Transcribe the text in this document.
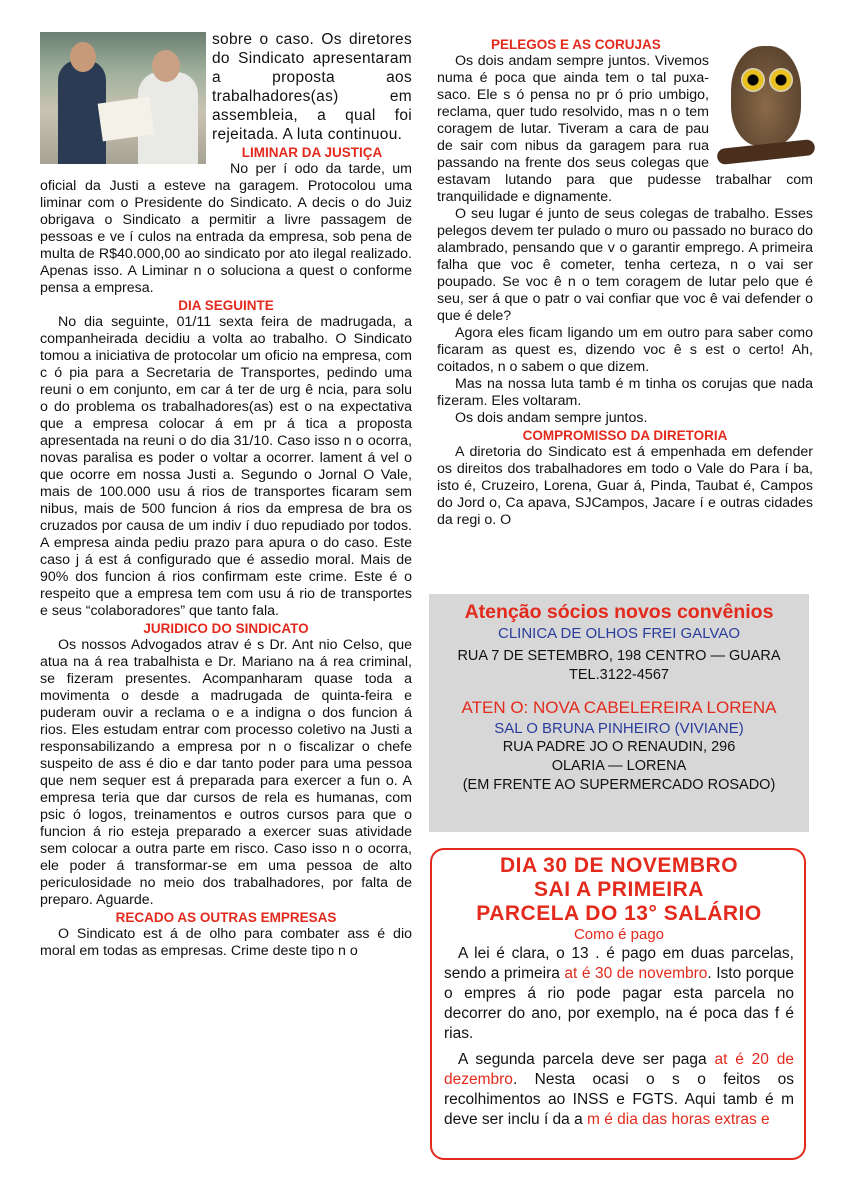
sobre o caso. Os diretores do Sindicato apresentaram a proposta aos trabalhadores(as) em assembleia, a qual foi rejeitada. A luta continuou.

LIMINAR DA JUSTIÇA

No per í odo da tarde, um oficial da Justi a esteve na garagem. Protocolou uma liminar com o Presidente do Sindicato. A decis o do Juiz obrigava o Sindicato a permitir a livre passagem de pessoas e ve í culos na entrada da empresa, sob pena de multa de R$40.000,00 ao sindicato por ato ilegal realizado. Apenas isso. A Liminar n o soluciona a quest o conforme pensa a empresa.

DIA SEGUINTE

No dia seguinte, 01/11 sexta feira de madrugada, a companheirada decidiu a volta ao trabalho. O Sindicato tomou a iniciativa de protocolar um oficio na empresa, com c ó pia para a Secretaria de Transportes, pedindo uma reuni o em conjunto, em car á ter de urg ê ncia, para solu o do problema os trabalhadores(as) est o na expectativa que a empresa colocar á em pr á tica a proposta apresentada na reuni o do dia 31/10. Caso isso n o ocorra, novas paralisa es poder o voltar a ocorrer. lament á vel o que ocorre em nossa Justi a. Segundo o Jornal O Vale, mais de 100.000 usu á rios de transportes ficaram sem nibus, mais de 500 funcion á rios da empresa de bra os cruzados por causa de um indiv í duo repudiado por todos. A empresa ainda pediu prazo para apura o do caso. Este caso j á est á configurado que é assedio moral. Mais de 90% dos funcion á rios confirmam este crime. Este é o respeito que a empresa tem com usu á rio de transportes e seus “colaboradores” que tanto fala.

JURIDICO DO SINDICATO

Os nossos Advogados atrav é s Dr. Ant nio Celso, que atua na á rea trabalhista e Dr. Mariano na á rea criminal, se fizeram presentes. Acompanharam quase toda a movimenta o desde a madrugada de quinta-feira e puderam ouvir a reclama o e a indigna o dos funcion á rios. Eles estudam entrar com processo coletivo na Justi a responsabilizando a empresa por n o fiscalizar o chefe suspeito de ass é dio e dar tanto poder para uma pessoa que nem sequer est á preparada para exercer a fun o. A empresa teria que dar cursos de rela es humanas, com psic ó logos, treinamentos e outros cursos para que o funcion á rio esteja preparado a exercer suas atividade sem colocar a outra parte em risco. Caso isso n o ocorra, ele poder á transformar-se em uma pessoa de alto periculosidade no meio dos trabalhadores, por falta de preparo. Aguarde.

RECADO AS OUTRAS EMPRESAS

O Sindicato est á de olho para combater ass é dio moral em todas as empresas. Crime deste tipo n o

PELEGOS E AS CORUJAS

Os dois andam sempre juntos. Vivemos numa é poca que ainda tem o tal puxa-saco. Ele s ó pensa no pr ó prio umbigo, reclama, quer tudo resolvido, mas n o tem coragem de lutar. Tiveram a cara de pau de sair com nibus da garagem para rua passando na frente dos seus colegas que estavam lutando para que pudesse trabalhar com tranquilidade e dignamente.

O seu lugar é junto de seus colegas de trabalho. Esses pelegos devem ter pulado o muro ou passado no buraco do alambrado, pensando que v o garantir emprego. A primeira falha que voc ê cometer, tenha certeza, n o vai ser poupado. Se voc ê n o tem coragem de lutar pelo que é seu, ser á que o patr o vai confiar que voc ê vai defender o que é dele?

Agora eles ficam ligando um em outro para saber como ficaram as quest es, dizendo voc ê s est o certo! Ah, coitados, n o sabem o que dizem.

Mas na nossa luta tamb é m tinha os corujas que nada fizeram. Eles voltaram.

Os dois andam sempre juntos.

COMPROMISSO DA DIRETORIA

A diretoria do Sindicato est á empenhada em defender os direitos dos trabalhadores em todo o Vale do Para í ba, isto é, Cruzeiro, Lorena, Guar á, Pinda, Taubat é, Campos do Jord o, Ca apava, SJCampos, Jacare í e outras cidades da regi o. O

Atenção sócios novos convênios
CLINICA DE OLHOS FREI GALVAO
RUA 7 DE SETEMBRO, 198 CENTRO — GUARA
TEL.3122-4567
ATEN O: NOVA CABELEREIRA LORENA
SAL O BRUNA PINHEIRO (VIVIANE)
RUA PADRE JO O RENAUDIN, 296
OLARIA — LORENA
(EM FRENTE AO SUPERMERCADO ROSADO)
DIA 30 DE NOVEMBRO
SAI A PRIMEIRA
PARCELA DO 13° SALÁRIO
Como é pago

A lei é clara, o 13 . é pago em duas parcelas, sendo a primeira at é 30 de novembro. Isto porque o empres á rio pode pagar esta parcela no decorrer do ano, por exemplo, na é poca das f é rias.

A segunda parcela deve ser paga at é 20 de dezembro. Nesta ocasi o s o feitos os recolhimentos ao INSS e FGTS. Aqui tamb é m deve ser inclu í da a m é dia das horas extras e
